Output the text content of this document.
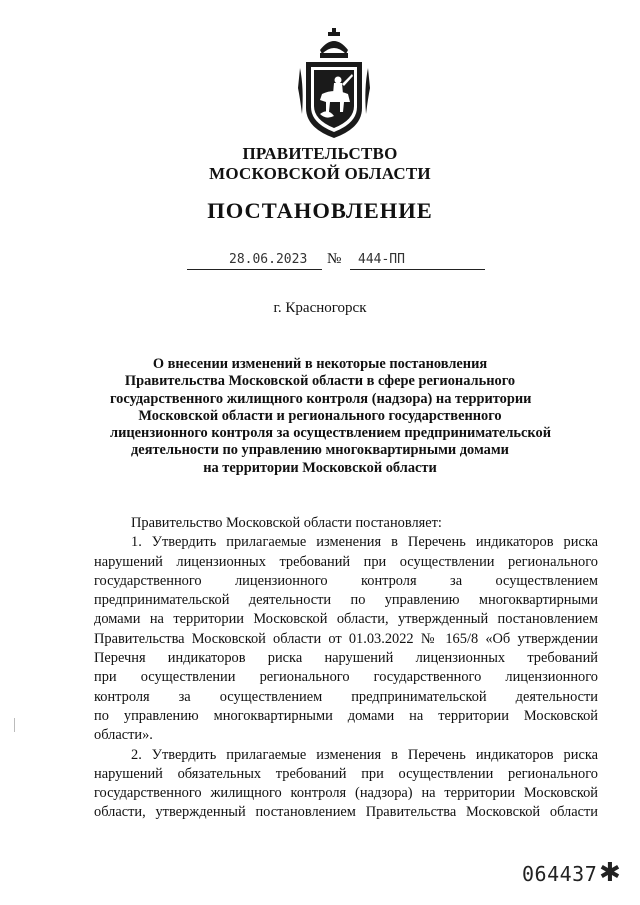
ПРАВИТЕЛЬСТВО
МОСКОВСКОЙ ОБЛАСТИ
ПОСТАНОВЛЕНИЕ
28.06.2023 № 444-ПП
г. Красногорск
О внесении изменений в некоторые постановления
Правительства Московской области в сфере регионального
государственного жилищного контроля (надзора) на территории
Московской области и регионального государственного
лицензионного контроля за осуществлением предпринимательской
деятельности по управлению многоквартирными домами
на территории Московской области
Правительство Московской области постановляет:
1. Утвердить прилагаемые изменения в Перечень индикаторов риска
нарушений лицензионных требований при осуществлении регионального
государственного лицензионного контроля за осуществлением
предпринимательской деятельности по управлению многоквартирными
домами на территории Московской области, утвержденный постановлением
Правительства Московской области от 01.03.2022 № 165/8 «Об утверждении
Перечня индикаторов риска нарушений лицензионных требований
при осуществлении регионального государственного лицензионного
контроля за осуществлением предпринимательской деятельности
по управлению многоквартирными домами на территории Московской
области».
2. Утвердить прилагаемые изменения в Перечень индикаторов риска
нарушений обязательных требований при осуществлении регионального
государственного жилищного контроля (надзора) на территории Московской
области, утвержденный постановлением Правительства Московской области
064437 ✱
